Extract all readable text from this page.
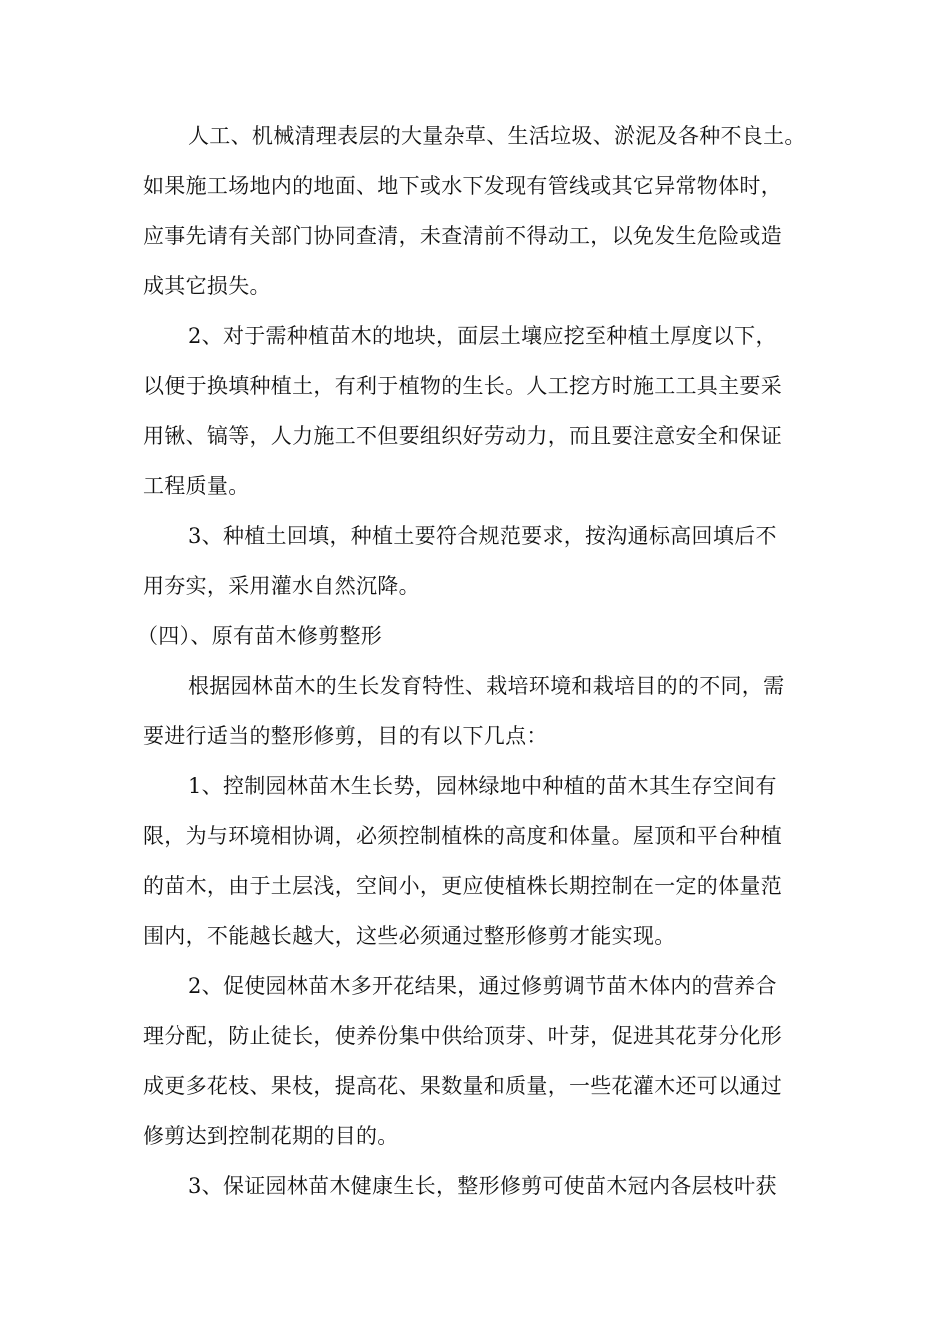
人工、机械清理表层的大量杂草、生活垃圾、淤泥及各种不良土。
如果施工场地内的地面、地下或水下发现有管线或其它异常物体时，
应事先请有关部门协同查清，未查清前不得动工，以免发生危险或造
成其它损失。
2、对于需种植苗木的地块，面层土壤应挖至种植土厚度以下，
以便于换填种植土，有利于植物的生长。人工挖方时施工工具主要采
用锹、镐等，人力施工不但要组织好劳动力，而且要注意安全和保证
工程质量。
3、种植土回填，种植土要符合规范要求，按沟通标高回填后不
用夯实，采用灌水自然沉降。
（四）、原有苗木修剪整形
根据园林苗木的生长发育特性、栽培环境和栽培目的的不同，需
要进行适当的整形修剪，目的有以下几点：
1、控制园林苗木生长势，园林绿地中种植的苗木其生存空间有
限，为与环境相协调，必须控制植株的高度和体量。屋顶和平台种植
的苗木，由于土层浅，空间小，更应使植株长期控制在一定的体量范
围内，不能越长越大，这些必须通过整形修剪才能实现。
2、促使园林苗木多开花结果，通过修剪调节苗木体内的营养合
理分配，防止徒长，使养份集中供给顶芽、叶芽，促进其花芽分化形
成更多花枝、果枝，提高花、果数量和质量，一些花灌木还可以通过
修剪达到控制花期的目的。
3、保证园林苗木健康生长，整形修剪可使苗木冠内各层枝叶获
